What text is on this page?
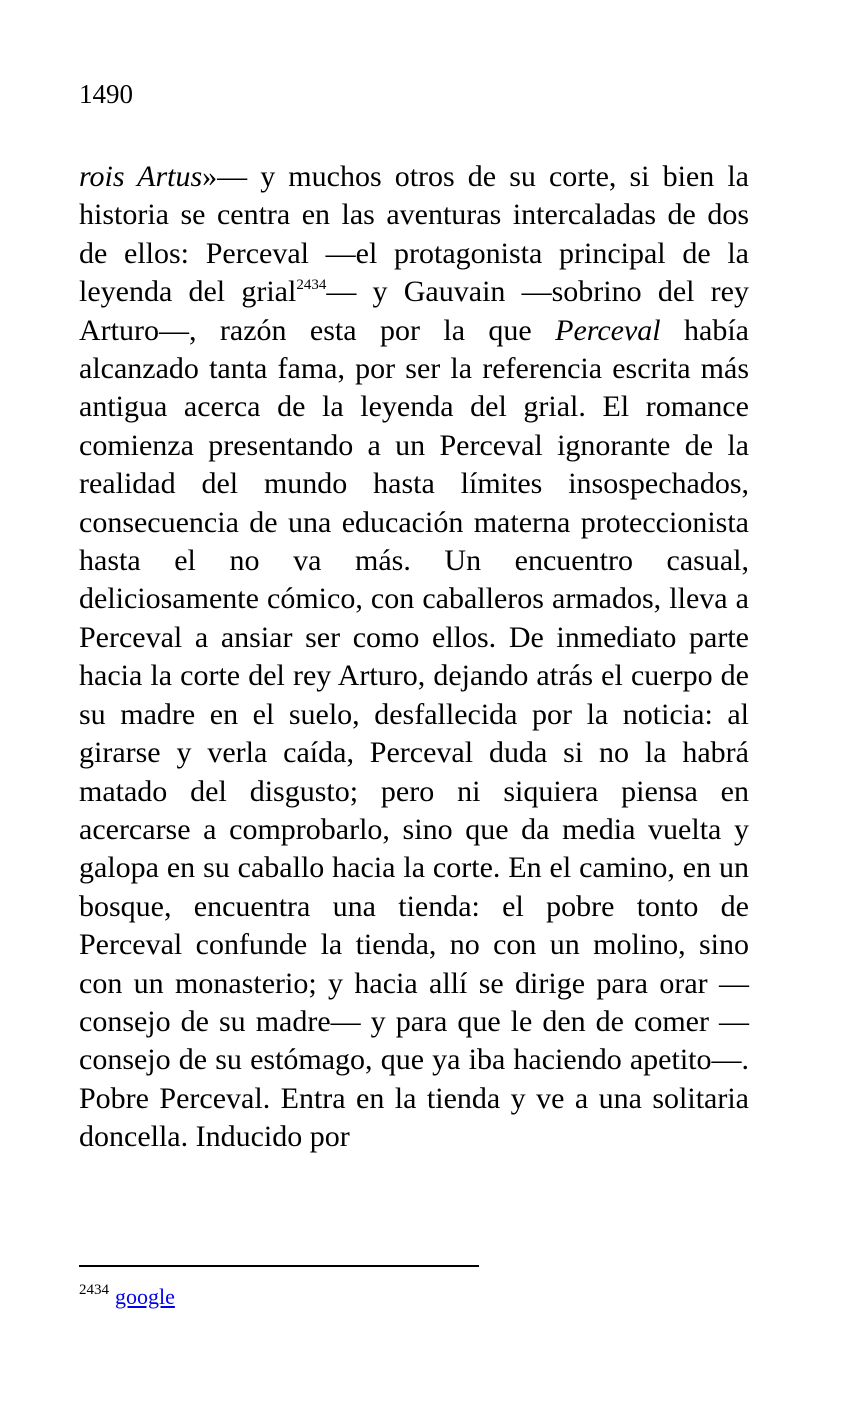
1490

rois Artus»— y muchos otros de su corte, si bien la historia se centra en las aventuras intercaladas de dos de ellos: Perceval —el protagonista principal de la leyenda del grial$^{2434}$— y Gauvain —sobrino del rey Arturo—, razón esta por la que Perceval había alcanzado tanta fama, por ser la referencia escrita más antigua acerca de la leyenda del grial. El romance comienza presentando a un Perceval ignorante de la realidad del mundo hasta límites insospechados, consecuencia de una educación materna proteccionista hasta el no va más. Un encuentro casual, deliciosamente cómico, con caballeros armados, lleva a Perceval a ansiar ser como ellos. De inmediato parte hacia la corte del rey Arturo, dejando atrás el cuerpo de su madre en el suelo, desfallecida por la noticia: al girarse y verla caída, Perceval duda si no la habrá matado del disgusto; pero ni siquiera piensa en acercarse a comprobarlo, sino que da media vuelta y galopa en su caballo hacia la corte. En el camino, en un bosque, encuentra una tienda: el pobre tonto de Perceval confunde la tienda, no con un molino, sino con un monasterio; y hacia allí se dirige para orar —consejo de su madre— y para que le den de comer —consejo de su estómago, que ya iba haciendo apetito—. Pobre Perceval. Entra en la tienda y ve a una solitaria doncella. Inducido por

$^{2434}$ google
